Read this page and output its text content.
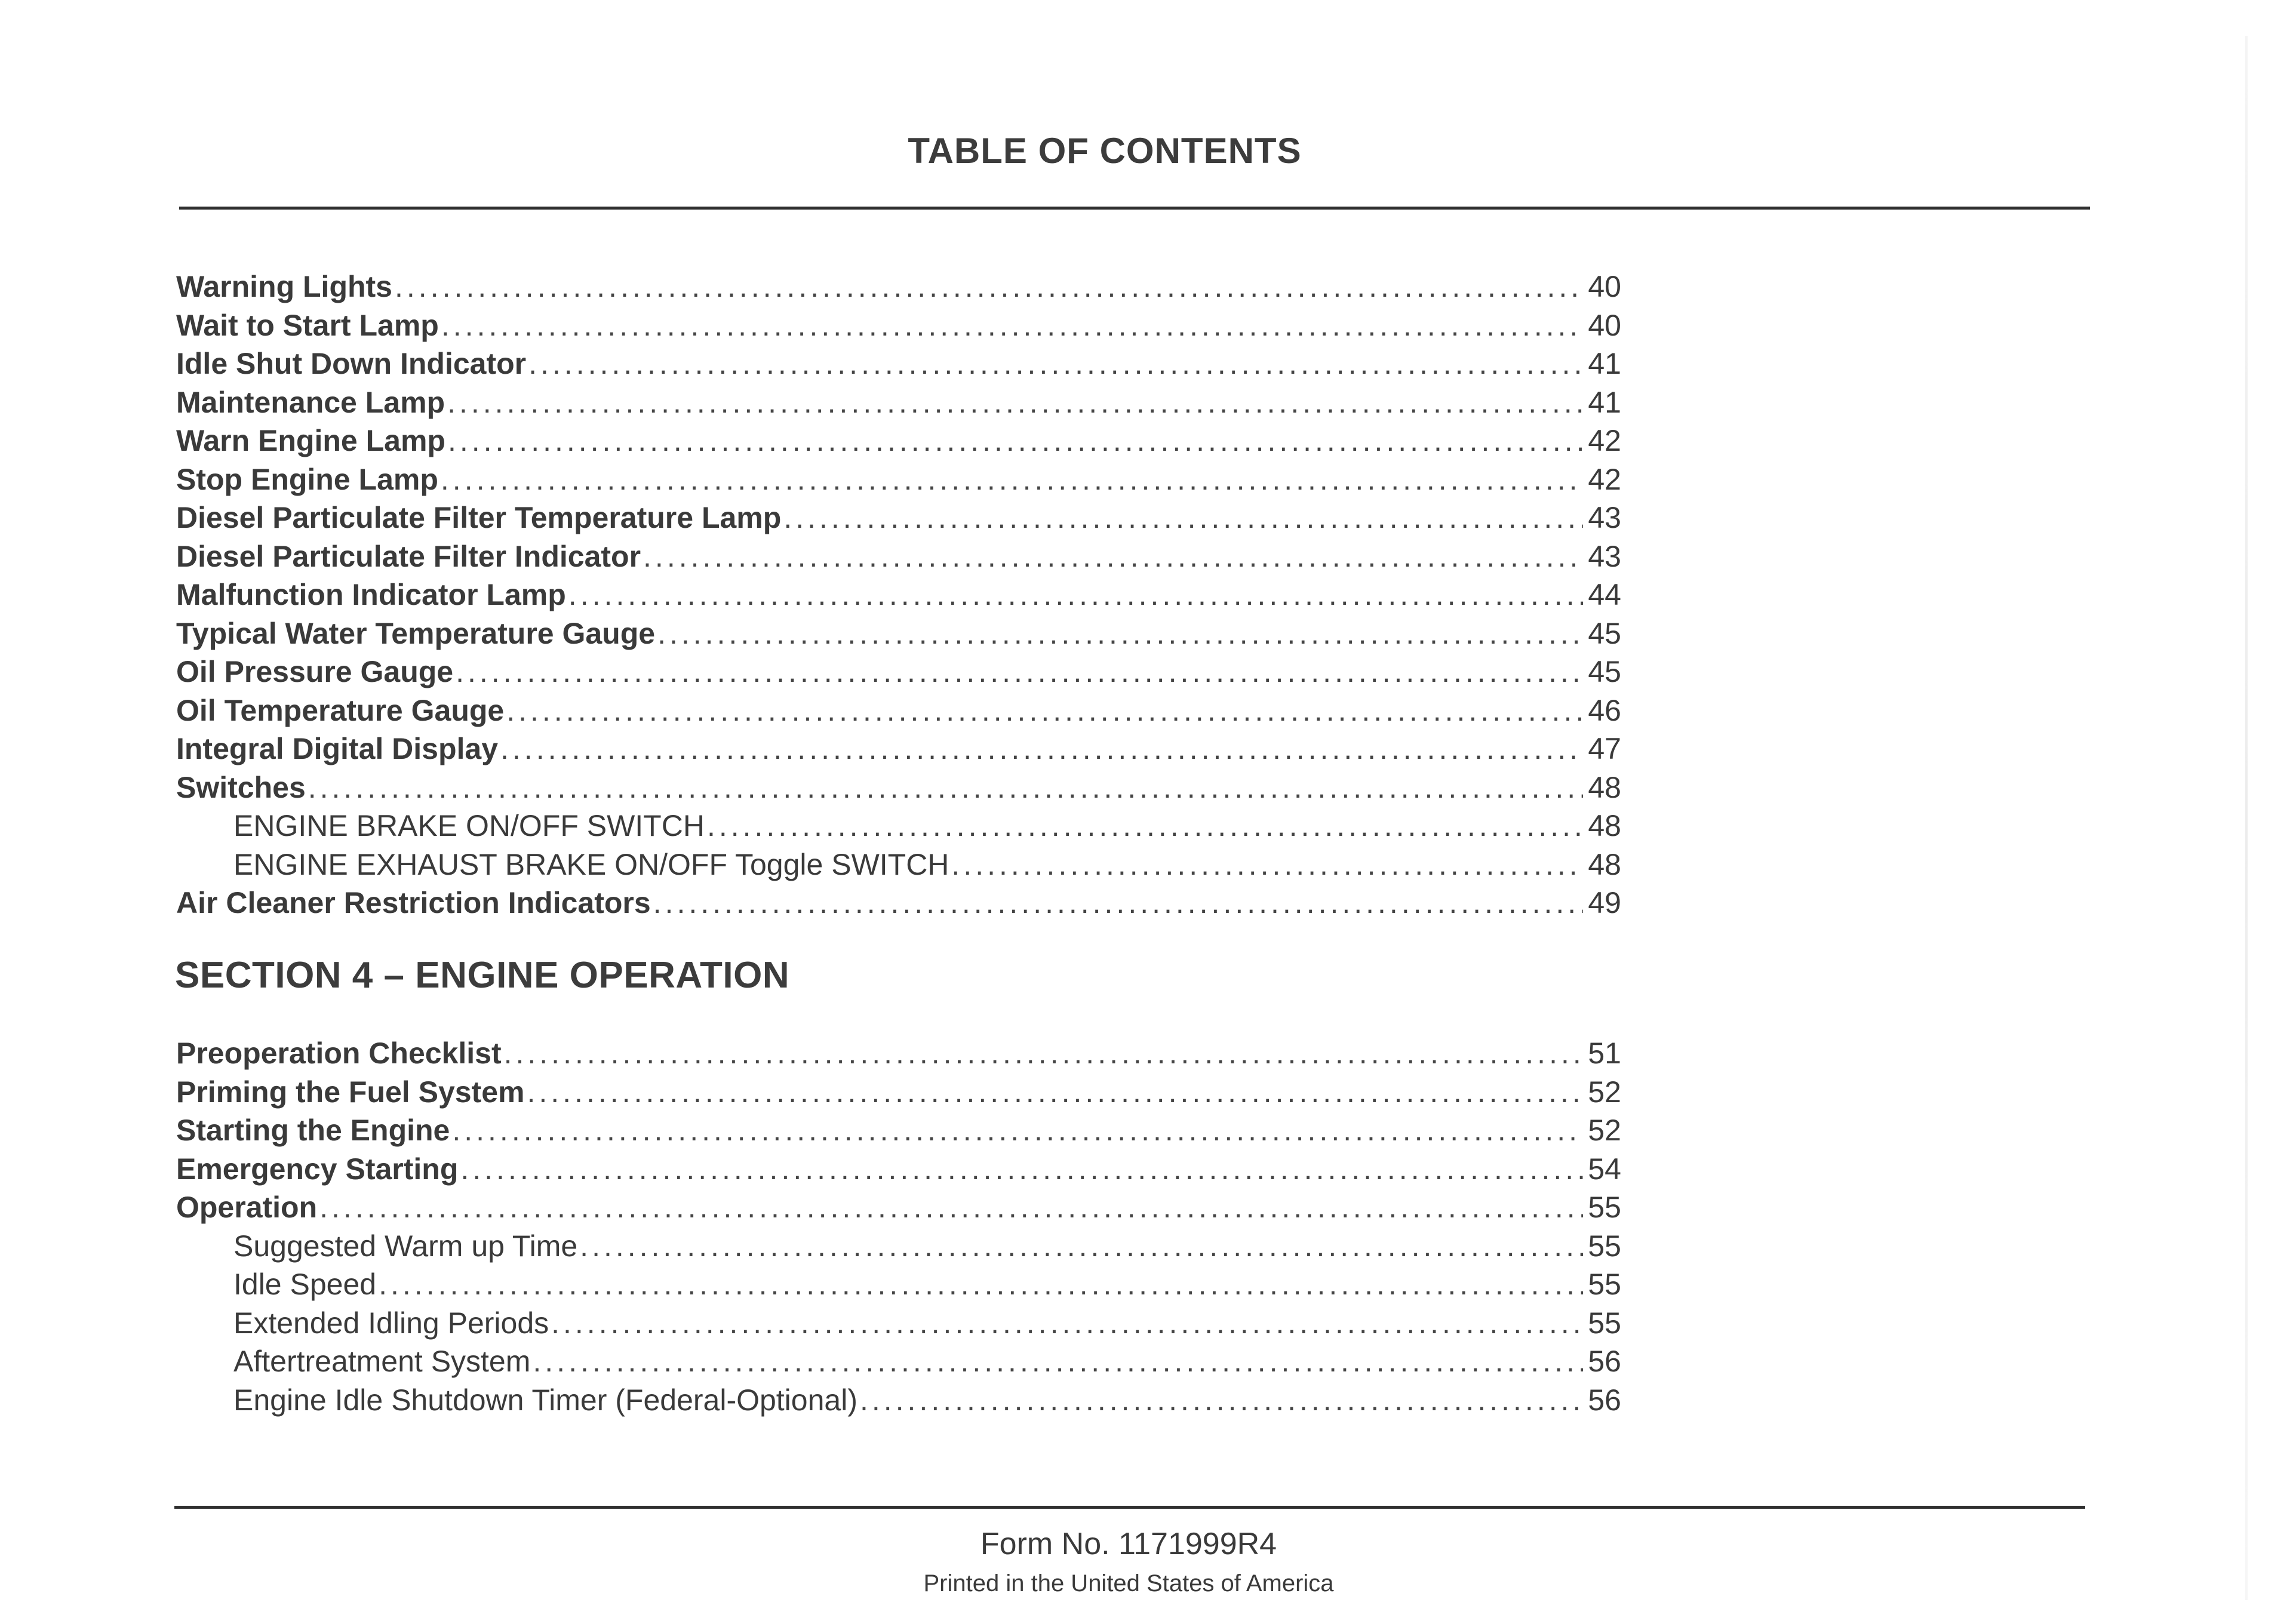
TABLE OF CONTENTS
Warning Lights .....	40
Wait to Start Lamp .....	40
Idle Shut Down Indicator .....	41
Maintenance Lamp .....	41
Warn Engine Lamp .....	42
Stop Engine Lamp .....	42
Diesel Particulate Filter Temperature Lamp .....	43
Diesel Particulate Filter Indicator .....	43
Malfunction Indicator Lamp .....	44
Typical Water Temperature Gauge .....	45
Oil Pressure Gauge .....	45
Oil Temperature Gauge .....	46
Integral Digital Display .....	47
Switches .....	48
ENGINE BRAKE ON/OFF SWITCH .....	48
ENGINE EXHAUST BRAKE ON/OFF Toggle SWITCH .....	48
Air Cleaner Restriction Indicators .....	49
SECTION 4 – ENGINE OPERATION
Preoperation Checklist .....	51
Priming the Fuel System .....	52
Starting the Engine .....	52
Emergency Starting .....	54
Operation .....	55
Suggested Warm up Time .....	55
Idle Speed .....	55
Extended Idling Periods .....	55
Aftertreatment System .....	56
Engine Idle Shutdown Timer (Federal-Optional) .....	56
Form No. 1171999R4
Printed in the United States of America
